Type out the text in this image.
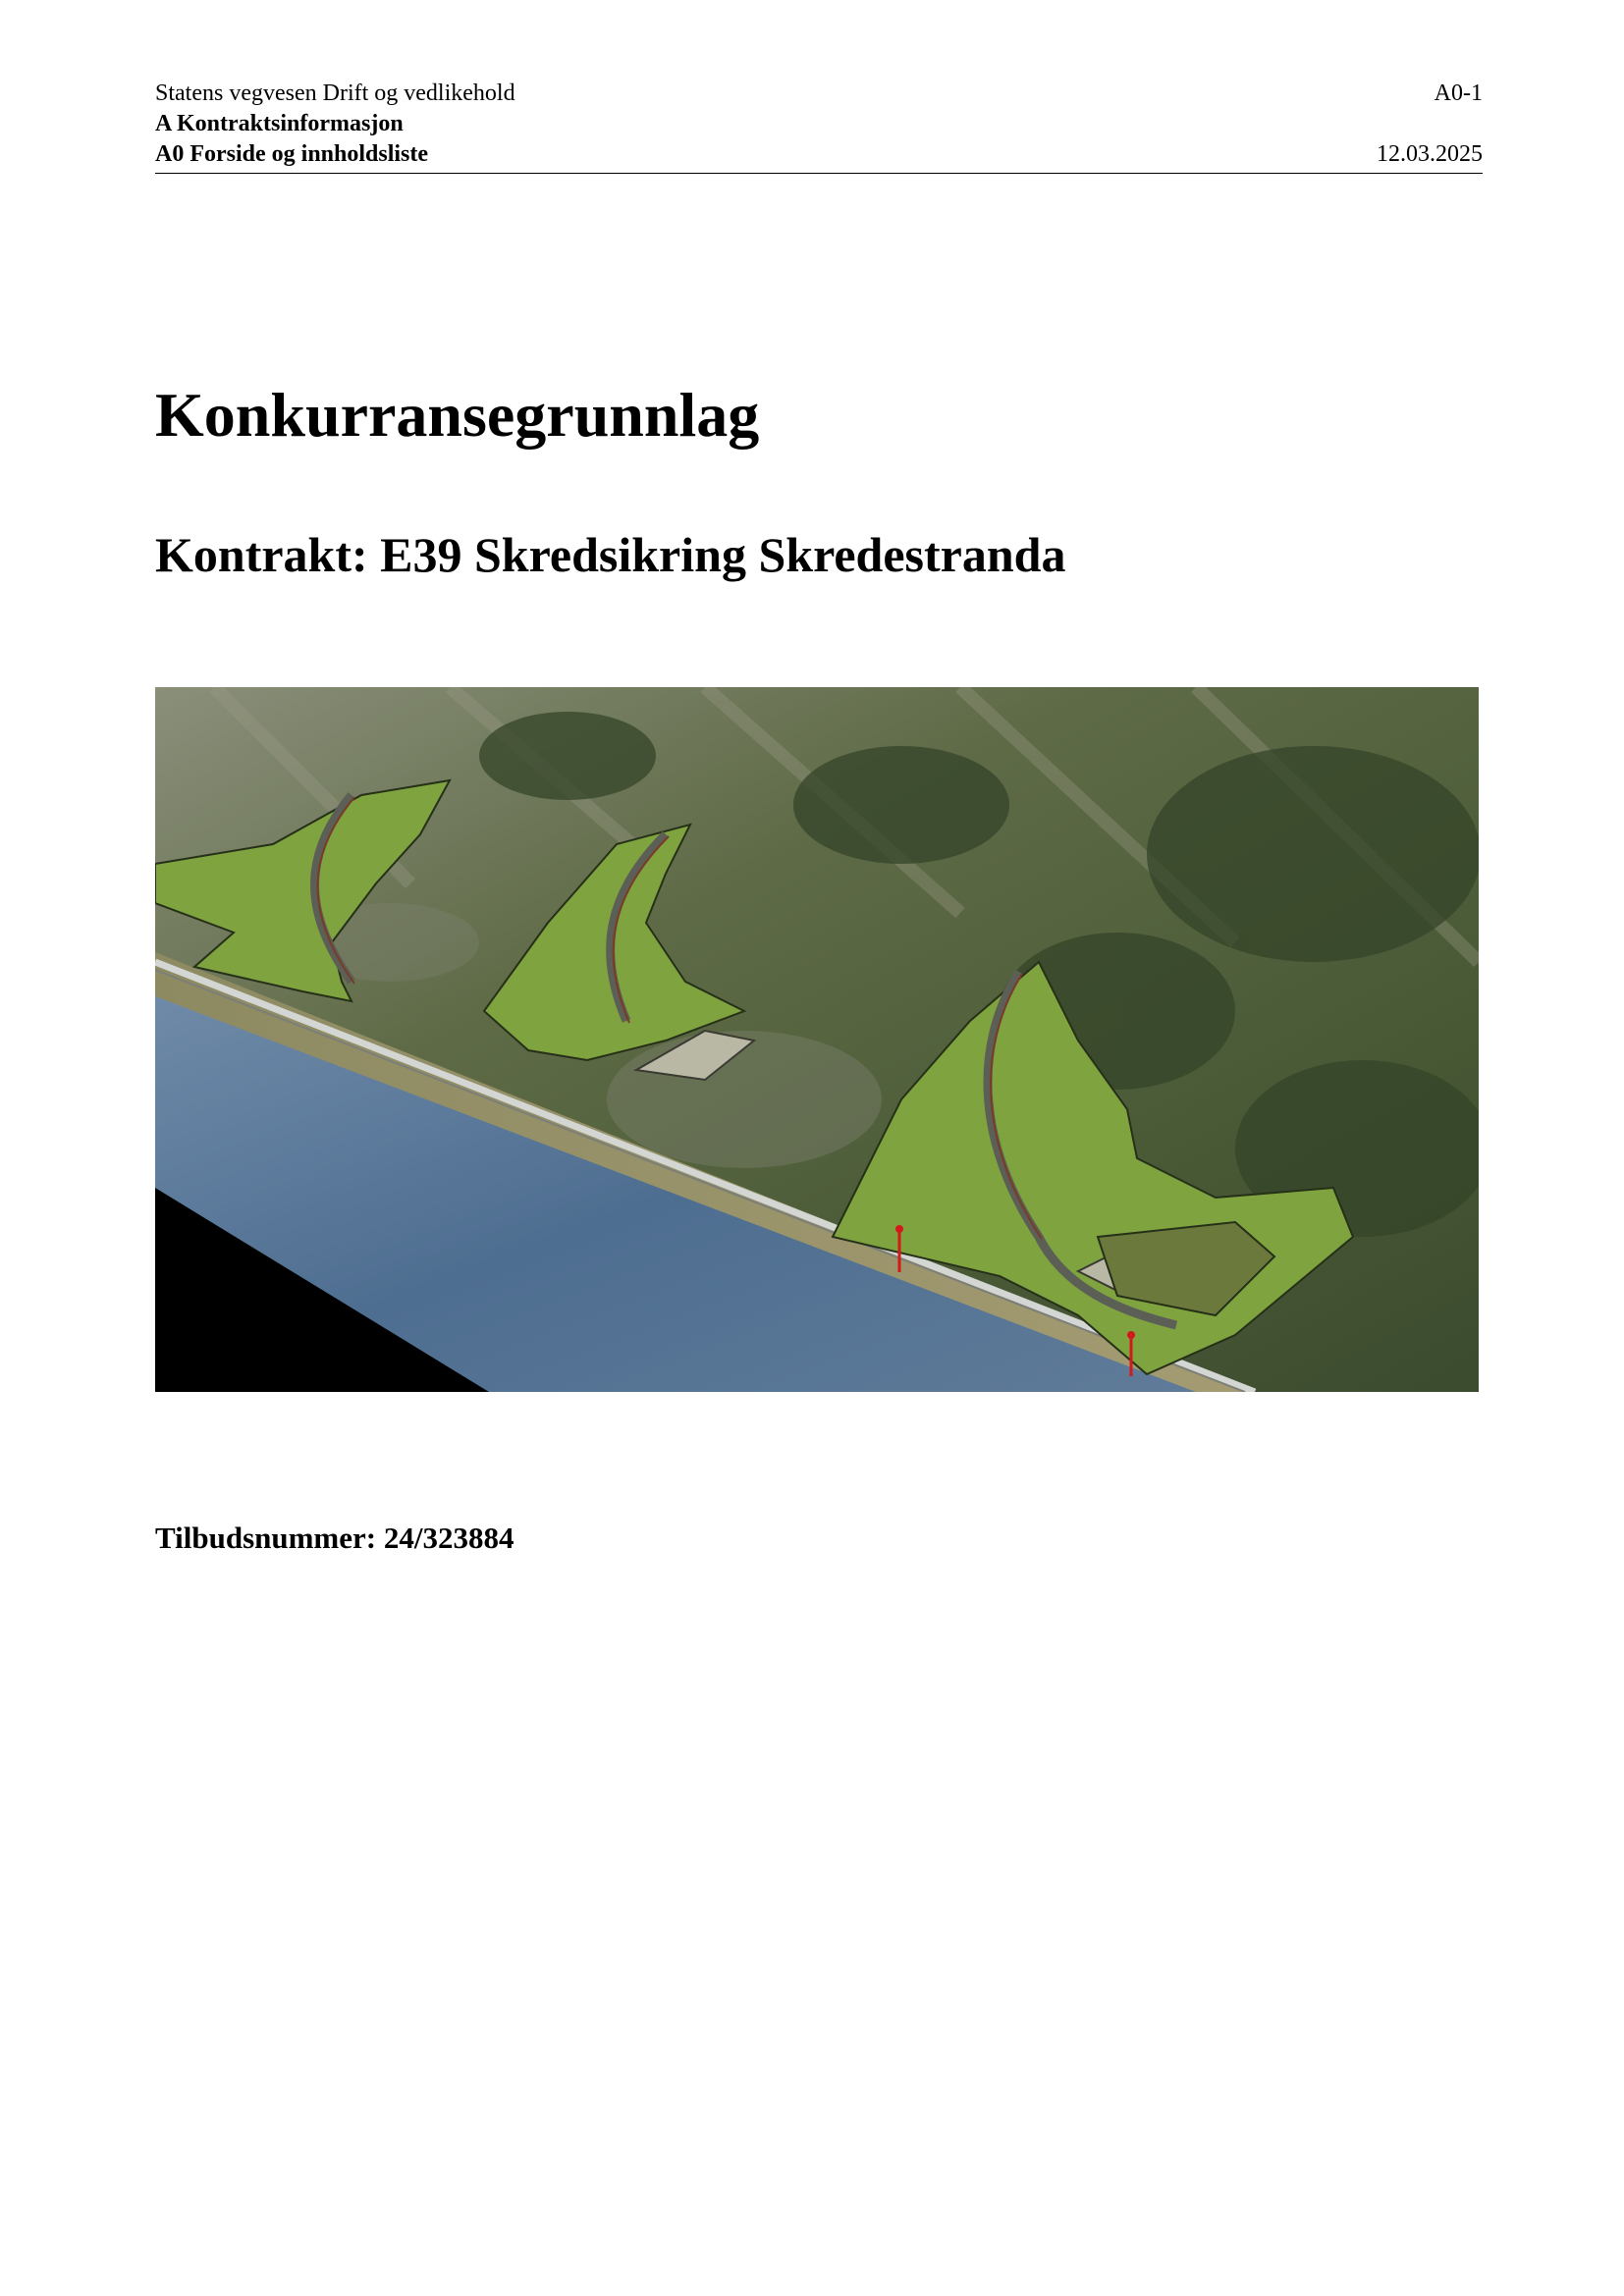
Statens vegvesen Drift og vedlikehold	A0-1
A Kontraktsinformasjon
A0 Forside og innholdsliste	12.03.2025
Konkurransegrunnlag
Kontrakt: E39 Skredsikring Skredestranda
Tilbudsnummer: 24/323884
